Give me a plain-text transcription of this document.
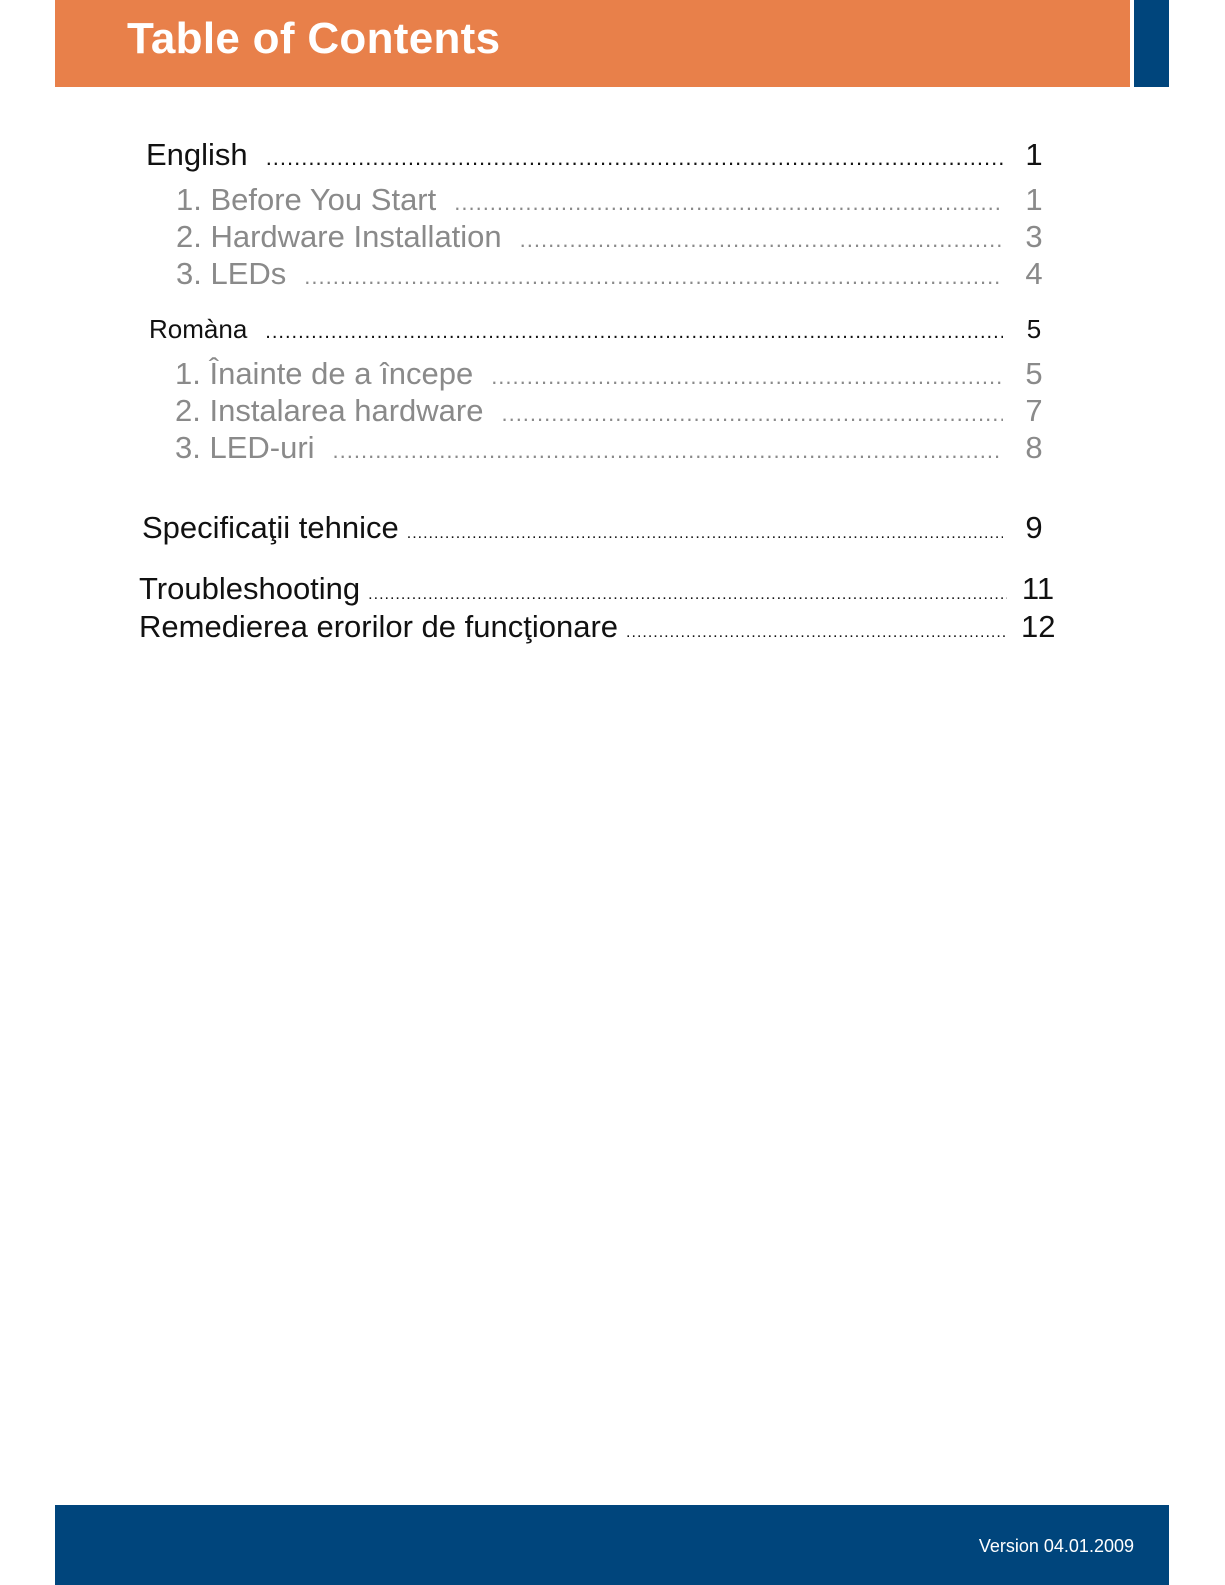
Table of Contents
English .....	1
1. Before You Start .....	1
2. Hardware Installation .....	3
3. LEDs .....	4
Romàna .....	5
1. Înainte de a începe .....	5
2. Instalarea hardware .....	7
3. LED-uri .....	8
Specificaţii tehnice .....	9
Troubleshooting .....	11
Remedierea erorilor de funcţionare .....	12
Version 04.01.2009
